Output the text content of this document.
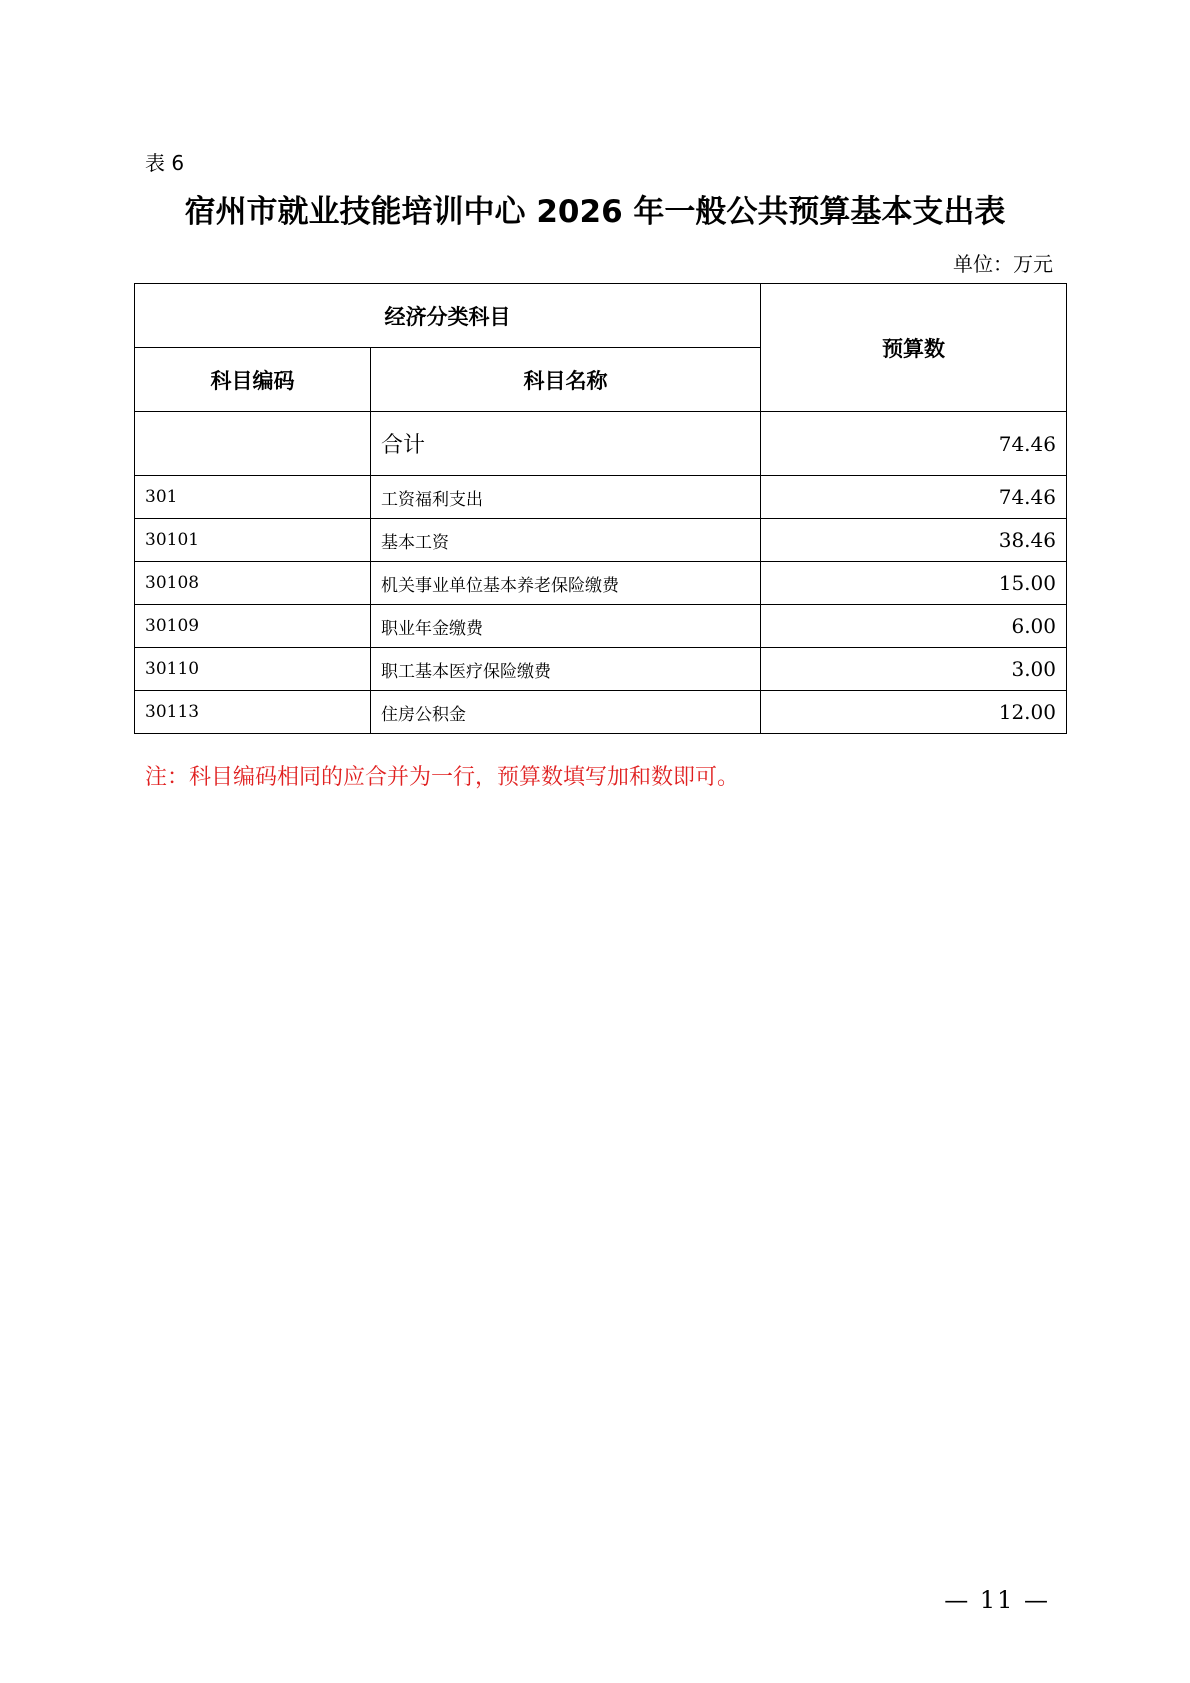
表 6
宿州市就业技能培训中心 2026 年一般公共预算基本支出表
单位：万元
经济分类科目		预算数
科目编码	科目名称	
	合计	74.46
301	工资福利支出	74.46
30101	基本工资	38.46
30108	机关事业单位基本养老保险缴费	15.00
30109	职业年金缴费	6.00
30110	职工基本医疗保险缴费	3.00
30113	住房公积金	12.00
注：科目编码相同的应合并为一行，预算数填写加和数即可。
— 11 —
